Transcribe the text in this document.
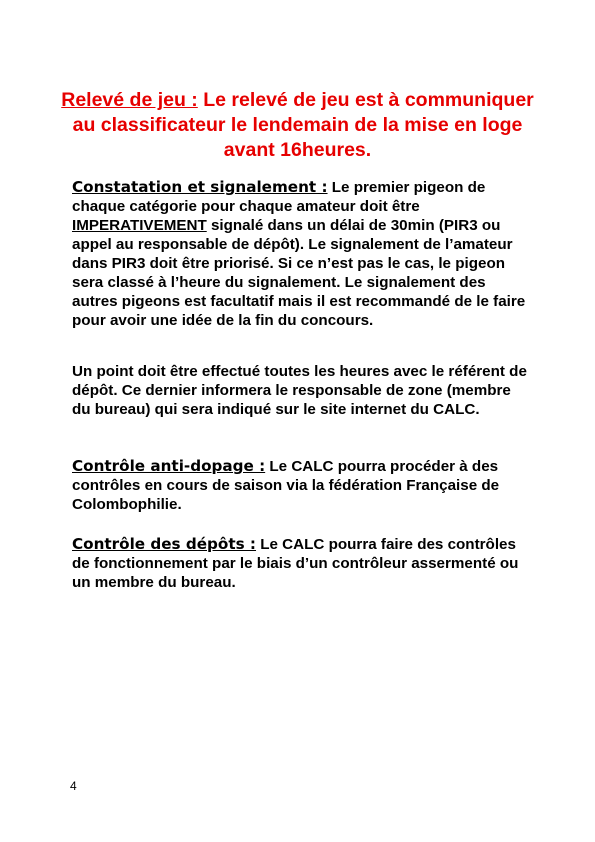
Relevé de jeu : Le relevé de jeu est à communiquer au classificateur le lendemain de la mise en loge avant 16heures.
Constatation et signalement : Le premier pigeon de chaque catégorie pour chaque amateur doit être IMPERATIVEMENT signalé dans un délai de 30min (PIR3 ou appel au responsable de dépôt). Le signalement de l’amateur dans PIR3 doit être priorisé. Si ce n’est pas le cas, le pigeon sera classé à l’heure du signalement. Le signalement des autres pigeons est facultatif mais il est recommandé de le faire pour avoir une idée de la fin du concours.
Un point doit être effectué toutes les heures avec le référent de dépôt. Ce dernier informera le responsable de zone (membre du bureau) qui sera indiqué sur le site internet du CALC.
Contrôle anti-dopage : Le CALC pourra procéder à des contrôles en cours de saison via la fédération Française de Colombophilie.
Contrôle des dépôts : Le CALC pourra faire des contrôles de fonctionnement par le biais d’un contrôleur assermenté ou un membre du bureau.
4
